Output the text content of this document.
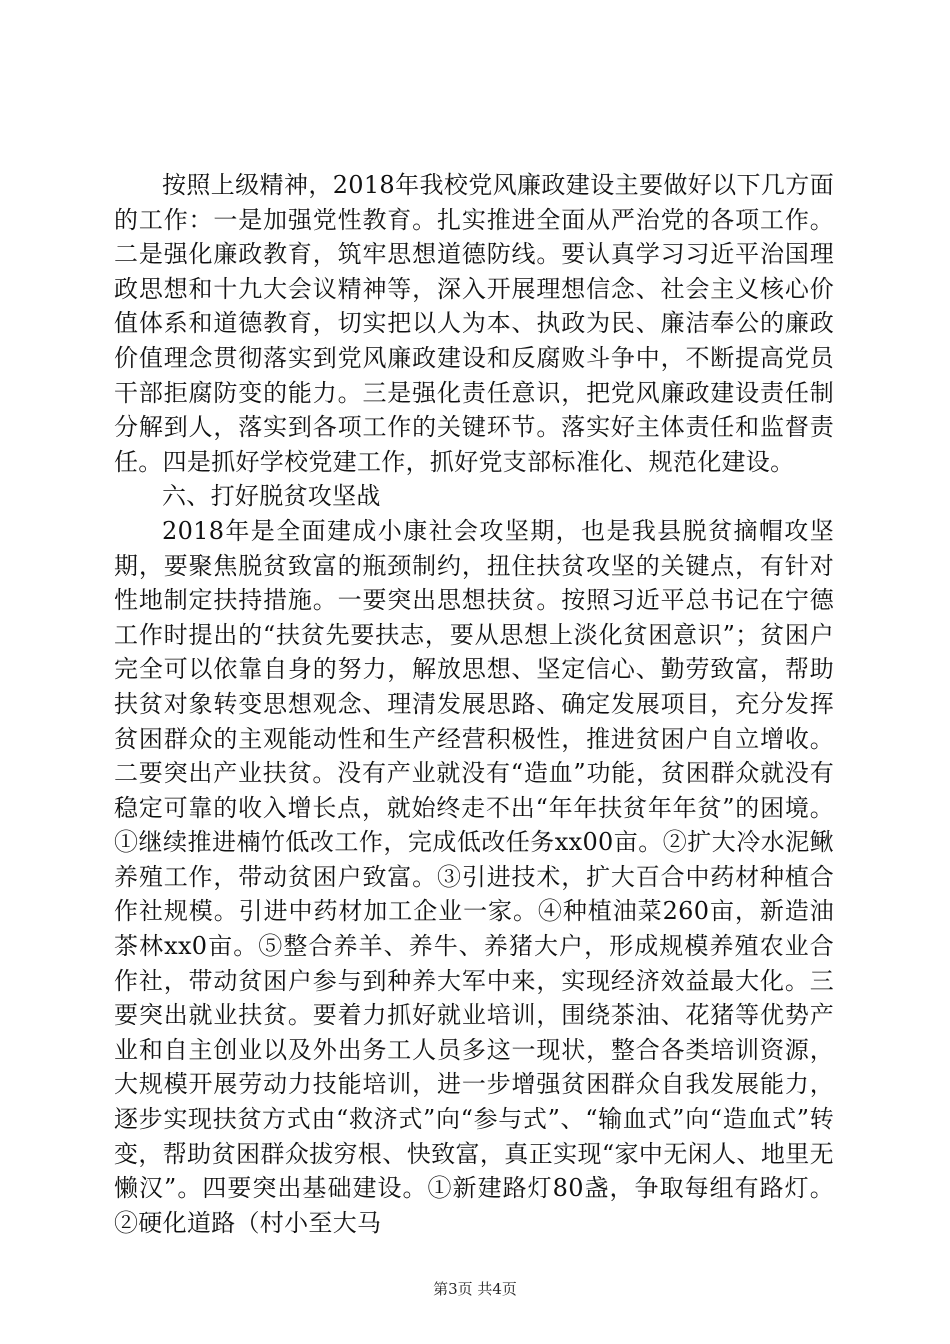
按照上级精神，2018年我校党风廉政建设主要做好以下几方面的工作：一是加强党性教育。扎实推进全面从严治党的各项工作。二是强化廉政教育，筑牢思想道德防线。要认真学习习近平治国理政思想和十九大会议精神等，深入开展理想信念、社会主义核心价值体系和道德教育，切实把以人为本、执政为民、廉洁奉公的廉政价值理念贯彻落实到党风廉政建设和反腐败斗争中，不断提高党员干部拒腐防变的能力。三是强化责任意识，把党风廉政建设责任制分解到人，落实到各项工作的关键环节。落实好主体责任和监督责任。四是抓好学校党建工作，抓好党支部标准化、规范化建设。

六、打好脱贫攻坚战

2018年是全面建成小康社会攻坚期，也是我县脱贫摘帽攻坚期，要聚焦脱贫致富的瓶颈制约，扭住扶贫攻坚的关键点，有针对性地制定扶持措施。一要突出思想扶贫。按照习近平总书记在宁德工作时提出的“扶贫先要扶志，要从思想上淡化贫困意识”；贫困户完全可以依靠自身的努力，解放思想、坚定信心、勤劳致富，帮助扶贫对象转变思想观念、理清发展思路、确定发展项目，充分发挥贫困群众的主观能动性和生产经营积极性，推进贫困户自立增收。二要突出产业扶贫。没有产业就没有“造血”功能，贫困群众就没有稳定可靠的收入增长点，就始终走不出“年年扶贫年年贫”的困境。①继续推进楠竹低改工作，完成低改任务xx00亩。②扩大冷水泥鳅养殖工作，带动贫困户致富。③引进技术，扩大百合中药材种植合作社规模。引进中药材加工企业一家。④种植油菜260亩，新造油茶林xx0亩。⑤整合养羊、养牛、养猪大户，形成规模养殖农业合作社，带动贫困户参与到种养大军中来，实现经济效益最大化。三要突出就业扶贫。要着力抓好就业培训，围绕茶油、花猪等优势产业和自主创业以及外出务工人员多这一现状，整合各类培训资源，大规模开展劳动力技能培训，进一步增强贫困群众自我发展能力，逐步实现扶贫方式由“救济式”向“参与式”、“输血式”向“造血式”转变，帮助贫困群众拔穷根、快致富，真正实现“家中无闲人、地里无懒汉”。四要突出基础建设。①新建路灯80盏，争取每组有路灯。②硬化道路（村小至大马

第3页 共4页
